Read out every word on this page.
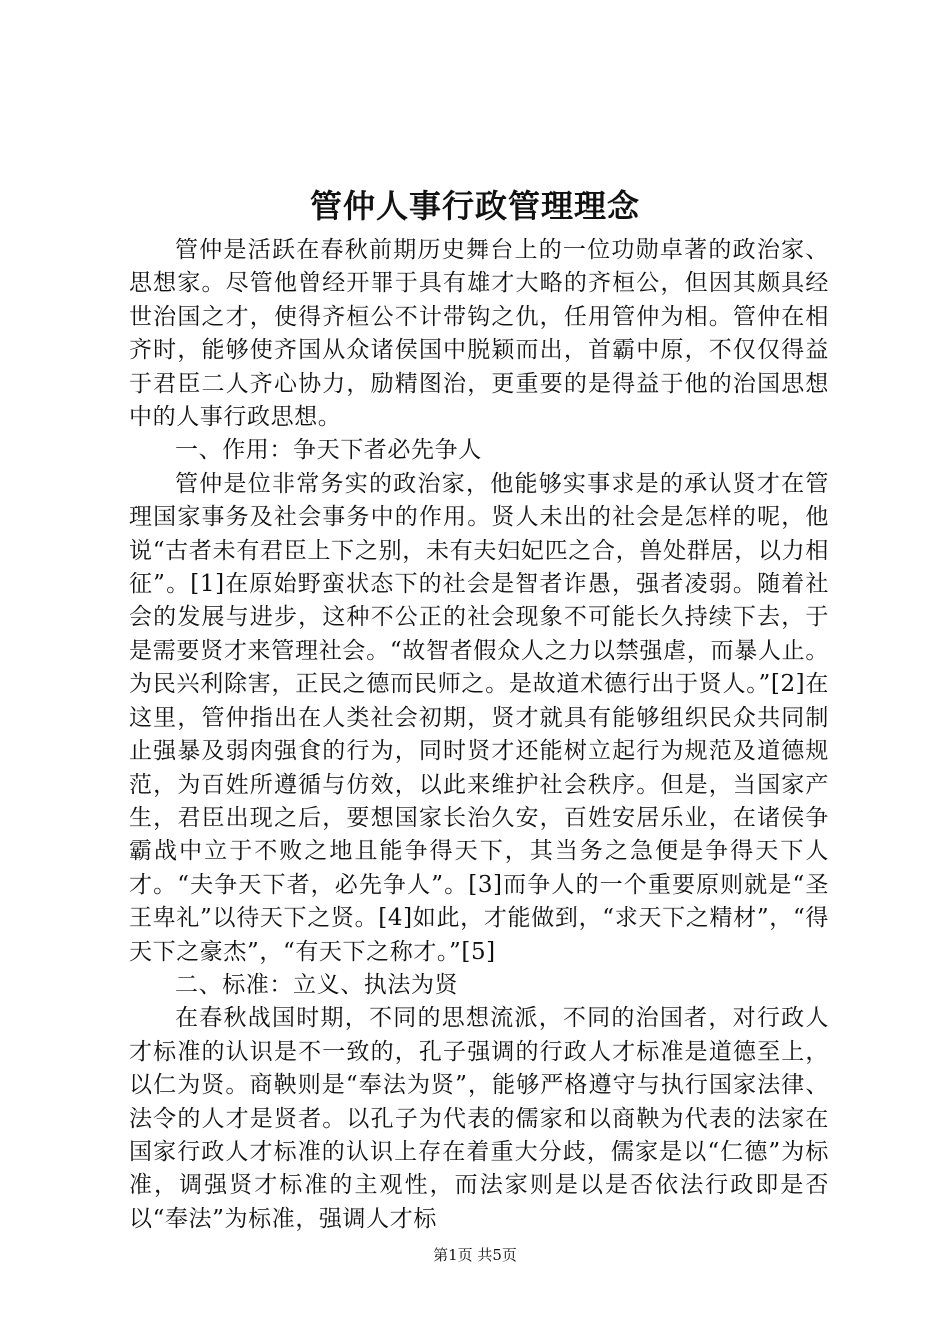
管仲人事行政管理理念

管仲是活跃在春秋前期历史舞台上的一位功勋卓著的政治家、思想家。尽管他曾经开罪于具有雄才大略的齐桓公，但因其颇具经世治国之才，使得齐桓公不计带钩之仇，任用管仲为相。管仲在相齐时，能够使齐国从众诸侯国中脱颖而出，首霸中原，不仅仅得益于君臣二人齐心协力，励精图治，更重要的是得益于他的治国思想中的人事行政思想。

一、作用：争天下者必先争人

管仲是位非常务实的政治家，他能够实事求是的承认贤才在管理国家事务及社会事务中的作用。贤人未出的社会是怎样的呢，他说“古者未有君臣上下之别，未有夫妇妃匹之合，兽处群居，以力相征”。[1]在原始野蛮状态下的社会是智者诈愚，强者凌弱。随着社会的发展与进步，这种不公正的社会现象不可能长久持续下去，于是需要贤才来管理社会。“故智者假众人之力以禁强虐，而暴人止。为民兴利除害，正民之德而民师之。是故道术德行出于贤人。”[2]在这里，管仲指出在人类社会初期，贤才就具有能够组织民众共同制止强暴及弱肉强食的行为，同时贤才还能树立起行为规范及道德规范，为百姓所遵循与仿效，以此来维护社会秩序。但是，当国家产生，君臣出现之后，要想国家长治久安，百姓安居乐业，在诸侯争霸战中立于不败之地且能争得天下，其当务之急便是争得天下人才。“夫争天下者，必先争人”。[3]而争人的一个重要原则就是“圣王卑礼”以待天下之贤。[4]如此，才能做到，“求天下之精材”，“得天下之豪杰”，“有天下之称才。”[5]

二、标准：立义、执法为贤

在春秋战国时期，不同的思想流派，不同的治国者，对行政人才标准的认识是不一致的，孔子强调的行政人才标准是道德至上，以仁为贤。商鞅则是“奉法为贤”，能够严格遵守与执行国家法律、法令的人才是贤者。以孔子为代表的儒家和以商鞅为代表的法家在国家行政人才标准的认识上存在着重大分歧，儒家是以“仁德”为标准，调强贤才标准的主观性，而法家则是以是否依法行政即是否以“奉法”为标准，强调人才标

第1页 共5页
